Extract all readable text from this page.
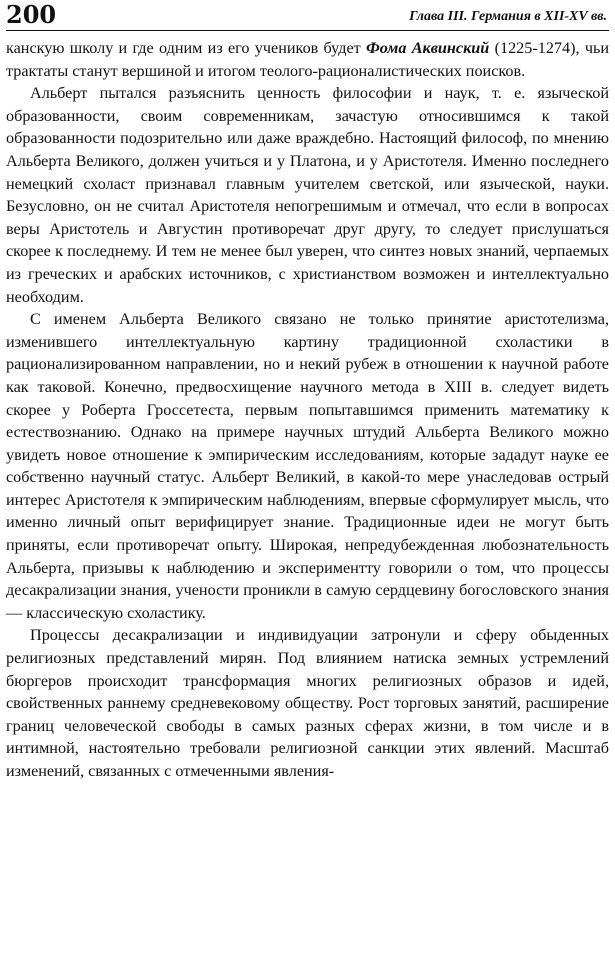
200	Глава III. Германия в XII-XV вв.

канскую школу и где одним из его учеников будет Фома Аквинский (1225-1274), чьи трактаты станут вершиной и итогом теолого-рационалистических поисков.

Альберт пытался разъяснить ценность философии и наук, т. е. языческой образованности, своим современникам, зачастую относившимся к такой образованности подозрительно или даже враждебно. Настоящий философ, по мнению Альберта Великого, должен учиться и у Платона, и у Аристотеля. Именно последнего немецкий схоласт признавал главным учителем светской, или языческой, науки. Безусловно, он не считал Аристотеля непогрешимым и отмечал, что если в вопросах веры Аристотель и Августин противоречат друг другу, то следует прислушаться скорее к последнему. И тем не менее был уверен, что синтез новых знаний, черпаемых из греческих и арабских источников, с христианством возможен и интеллектуально необходим.

С именем Альберта Великого связано не только принятие аристотелизма, изменившего интеллектуальную картину традиционной схоластики в рационализированном направлении, но и некий рубеж в отношении к научной работе как таковой. Конечно, предвосхищение научного метода в XIII в. следует видеть скорее у Роберта Гроссетеста, первым попытавшимся применить математику к естествознанию. Однако на примере научных штудий Альберта Великого можно увидеть новое отношение к эмпирическим исследованиям, которые зададут науке ее собственно научный статус. Альберт Великий, в какой-то мере унаследовав острый интерес Аристотеля к эмпирическим наблюдениям, впервые сформулирует мысль, что именно личный опыт верифицирует знание. Традиционные идеи не могут быть приняты, если противоречат опыту. Широкая, непредубежденная любознательность Альберта, призывы к наблюдению и экспериментту говорили о том, что процессы десакрализации знания, учености проникли в самую сердцевину богословского знания — классическую схоластику.

Процессы десакрализации и индивидуации затронули и сферу обыденных религиозных представлений мирян. Под влиянием натиска земных устремлений бюргеров происходит трансформация многих религиозных образов и идей, свойственных раннему средневековому обществу. Рост торговых занятий, расширение границ человеческой свободы в самых разных сферах жизни, в том числе и в интимной, настоятельно требовали религиозной санкции этих явлений. Масштаб изменений, связанных с отмеченными явления-
